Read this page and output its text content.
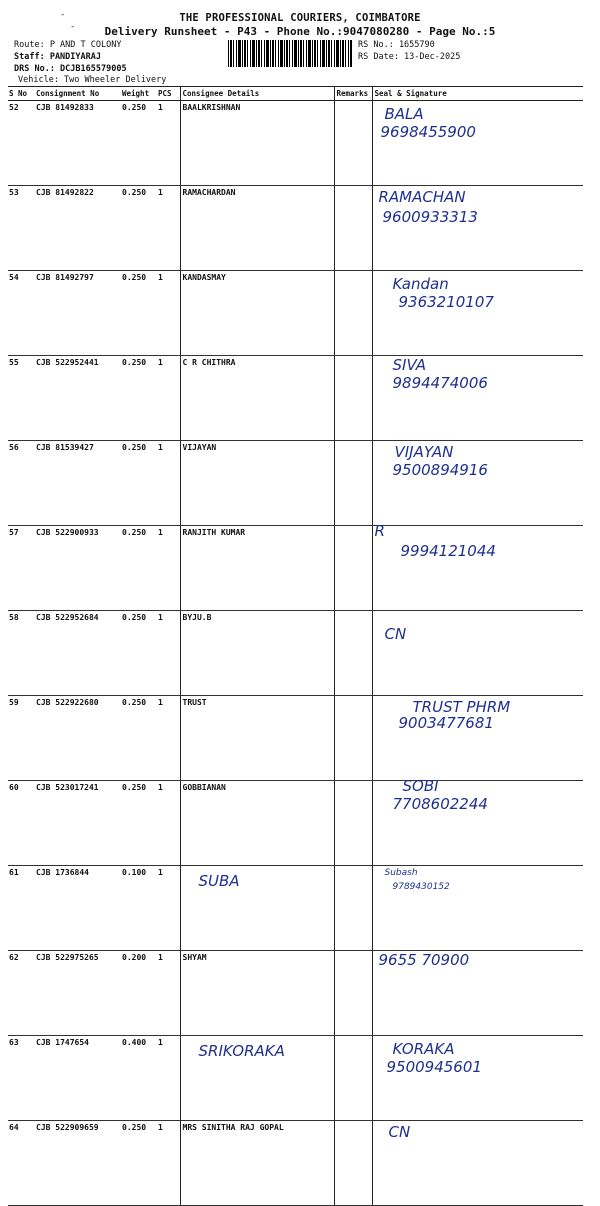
-
-
THE PROFESSIONAL COURIERS, COIMBATORE
Delivery Runsheet - P43 - Phone No.:9047080280 - Page No.:5
Route: P AND T COLONY
Staff: PANDIYARAJ
DRS No.: DCJB165579005
Vehicle: Two Wheeler Delivery
RS No.: 1655790
RS Date: 13-Dec-2025
S No	Consignment No	Weight	PCS	Consignee Details	Remarks	Seal & Signature
52	CJB 81492833	0.250	1	BAALKRISHNAN		BALA
9698455900

53	CJB 81492822	0.250	1	RAMACHARDAN		RAMACHAN
9600933313

54	CJB 81492797	0.250	1	KANDASMAY		Kandan
9363210107

55	CJB 522952441	0.250	1	C R CHITHRA		SIVA
9894474006

56	CJB 81539427	0.250	1	VIJAYAN		VIJAYAN
9500894916

57	CJB 522900933	0.250	1	RANJITH KUMAR		R
9994121044

58	CJB 522952684	0.250	1	BYJU.B		CN

59	CJB 522922680	0.250	1	TRUST		TRUST PHRM
9003477681

60	CJB 523017241	0.250	1	GOBBIANAN		SOBI
7708602244

61	CJB 1736844	0.100	1	SUBA		Subash
9789430152

62	CJB 522975265	0.200	1	SHYAM		9655 70900

63	CJB 1747654	0.400	1	SRIKORAKA		KORAKA
9500945601

64	CJB 522909659	0.250	1	MRS SINITHA RAJ GOPAL		CN
